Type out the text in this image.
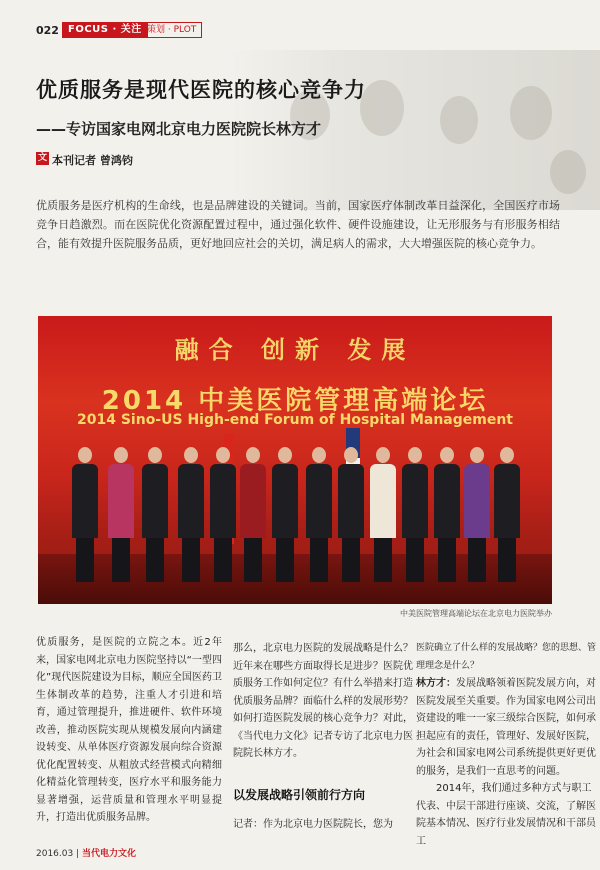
022 FOCUS · 关注 策划 · PLOT
优质服务是现代医院的核心竞争力
——专访国家电网北京电力医院院长林方才
文 本刊记者 曾鸿钧
优质服务是医疗机构的生命线，也是品牌建设的关键词。当前，国家医疗体制改革日益深化，全国医疗市场竞争日趋激烈。而在医院优化资源配置过程中，通过强化软件、硬件设施建设，让无形服务与有形服务相结合，能有效提升医院服务品质，更好地回应社会的关切，满足病人的需求，大大增强医院的核心竞争力。
融合 创新 发展
2014 中美医院管理高端论坛
2014 Sino-US High-end Forum of Hospital Management
中美医院管理高端论坛在北京电力医院举办
优质服务，是医院的立院之本。近2年来，国家电网北京电力医院坚持以“一型四化”现代医院建设为目标，顺应全国医药卫生体制改革的趋势，注重人才引进和培育，通过管理提升，推进硬件、软件环境改善，推动医院实现从规模发展向内涵建设转变、从单体医疗资源发展向综合资源优化配置转变、从粗放式经营模式向精细化精益化管理转变，医疗水平和服务能力显著增强，运营质量和管理水平明显提升，打造出优质服务品牌。
那么，北京电力医院的发展战略是什么？近年来在哪些方面取得长足进步？医院优质服务工作如何定位？有什么举措来打造优质服务品牌？面临什么样的发展形势？如何打造医院发展的核心竞争力？对此，《当代电力文化》记者专访了北京电力医院院长林方才。
以发展战略引领前行方向
记者：作为北京电力医院院长，您为
医院确立了什么样的发展战略？您的思想、管理理念是什么？
林方才：发展战略领着医院发展方向，对医院发展至关重要。作为国家电网公司出资建设的唯一一家三级综合医院，如何承担起应有的责任，管理好、发展好医院，为社会和国家电网公司系统提供更好更优的服务，是我们一直思考的问题。
2014年，我们通过多种方式与职工代表、中层干部进行座谈、交流，了解医院基本情况、医疗行业发展情况和干部员工
2016.03 | 当代电力文化
